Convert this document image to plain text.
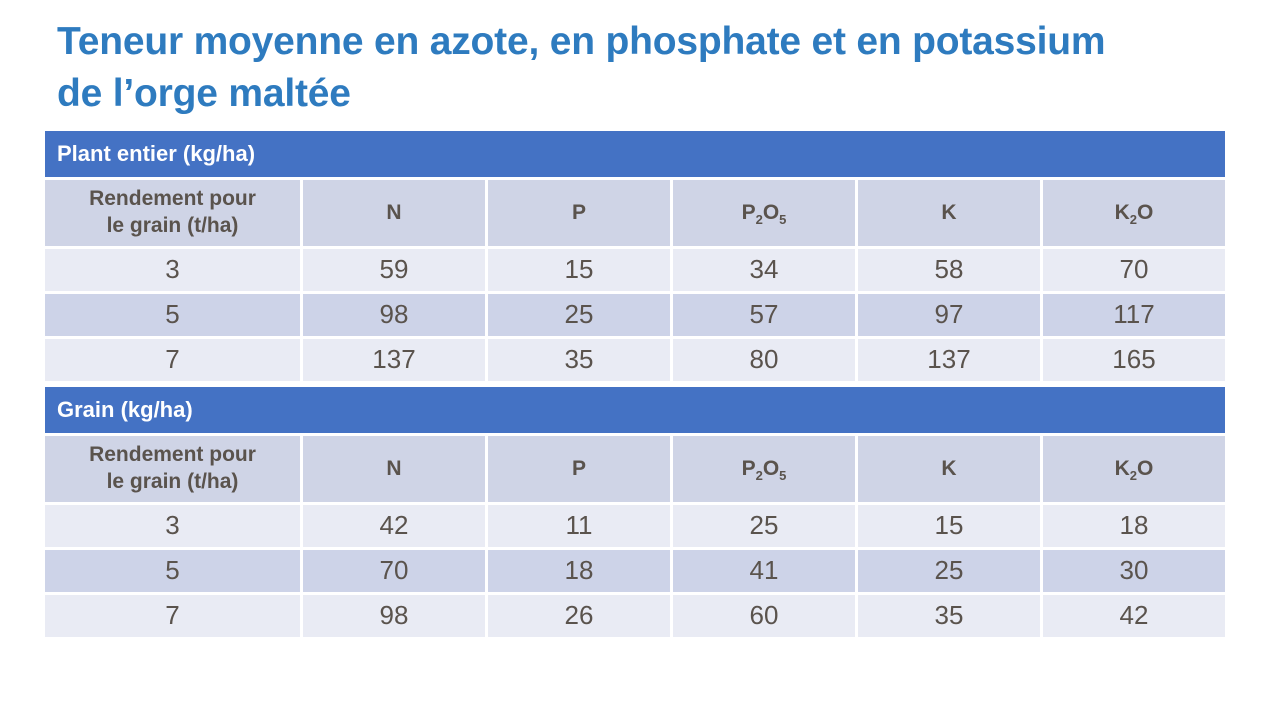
Teneur moyenne en azote, en phosphate et en potassium
de l’orge maltée
Plant entier (kg/ha)					

Rendement pour le grain (t/ha)	N	P	$P_2O_5$	K	$K_2O$
3	59	15	34	58	70
5	98	25	57	97	117
7	137	35	80	137	165
Grain (kg/ha)					

Rendement pour le grain (t/ha)	N	P	$P_2O_5$	K	$K_2O$
3	42	11	25	15	18
5	70	18	41	25	30
7	98	26	60	35	42
